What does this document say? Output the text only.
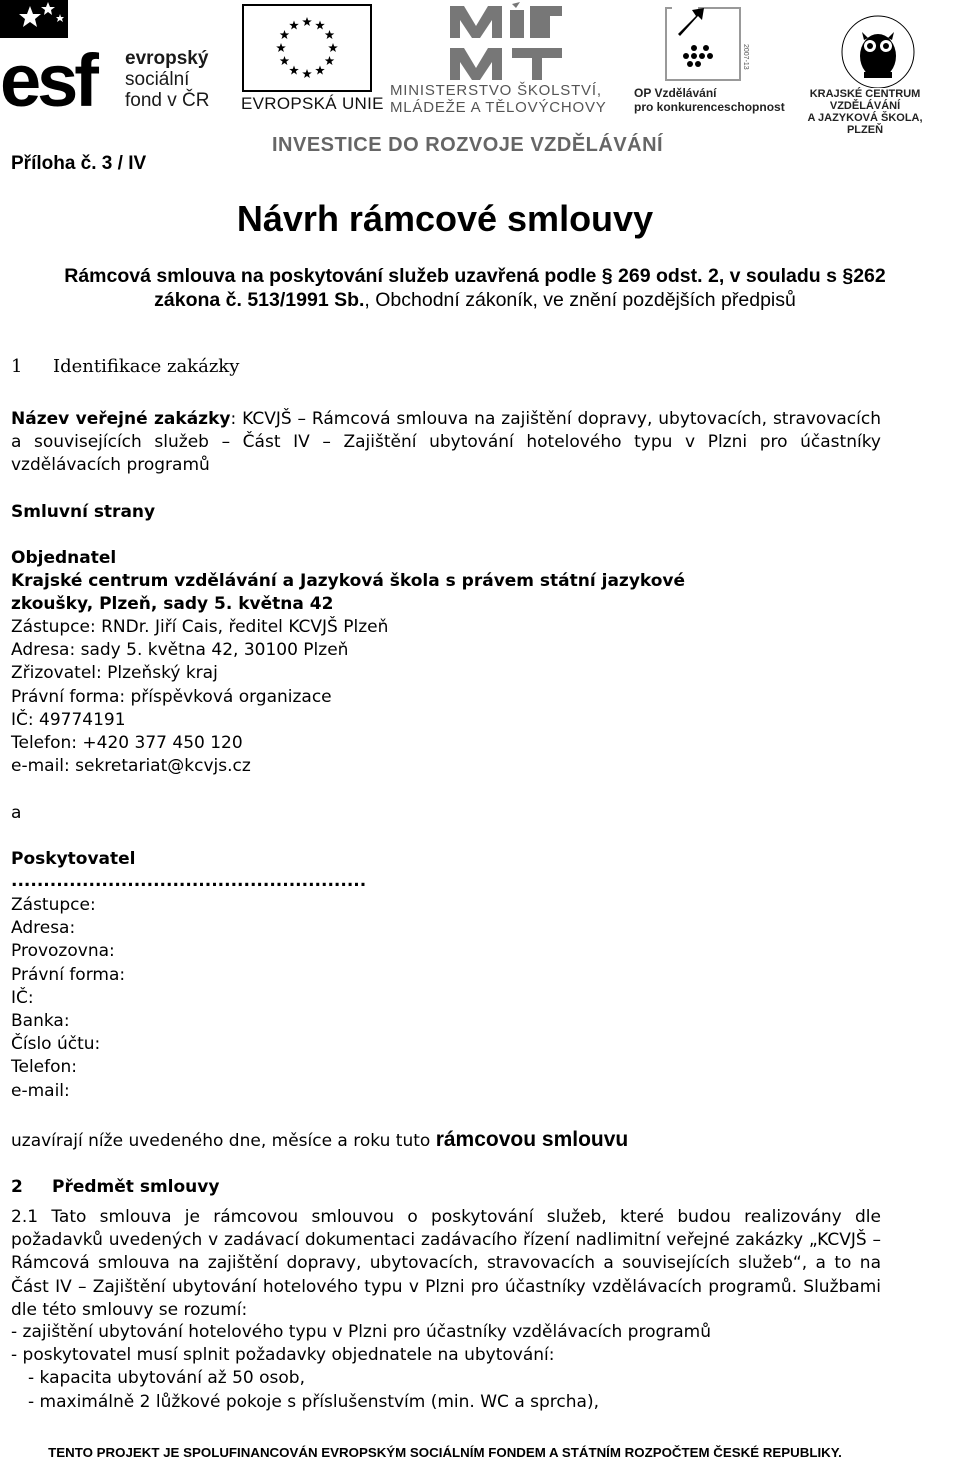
esf evropský
sociální
fond v ČR EVROPSKÁ UNIE
MINISTERSTVO ŠKOLSTVÍ,
MLÁDEŽE A TĚLOVÝCHOVY
2007-13
OP Vzdělávání
pro konkurenceschopnost
KRAJSKÉ CENTRUM VZDĚLÁVÁNÍ
A JAZYKOVÁ ŠKOLA, PLZEŇ
INVESTICE DO ROZVOJE VZDĚLÁVÁNÍ
Příloha č. 3 / IV
Návrh rámcové smlouvy
Rámcová smlouva na poskytování služeb uzavřená podle § 269 odst. 2, v souladu s §262
zákona č. 513/1991 Sb., Obchodní zákoník, ve znění pozdějších předpisů
1 Identifikace zakázky
Název veřejné zakázky: KCVJŠ – Rámcová smlouva na zajištění dopravy, ubytovacích, stravovacích a souvisejících služeb – Část IV – Zajištění ubytování hotelového typu v Plzni pro účastníky vzdělávacích programů
Smluvní strany
Objednatel
Krajské centrum vzdělávání a Jazyková škola s právem státní jazykové
zkoušky, Plzeň, sady 5. května 42
Zástupce: RNDr. Jiří Cais, ředitel KCVJŠ Plzeň
Adresa: sady 5. května 42, 30100 Plzeň
Zřizovatel: Plzeňský kraj
Právní forma: příspěvková organizace
IČ: 49774191
Telefon: +420 377 450 120
e-mail: sekretariat@kcvjs.cz
a
Poskytovatel
.......................................................
Zástupce:
Adresa:
Provozovna:
Právní forma:
IČ:
Banka:
Číslo účtu:
Telefon:
e-mail:
uzavírají níže uvedeného dne, měsíce a roku tuto rámcovou smlouvu
2 Předmět smlouvy
2.1 Tato smlouva je rámcovou smlouvou o poskytování služeb, které budou realizovány dle požadavků uvedených v zadávací dokumentaci zadávacího řízení nadlimitní veřejné zakázky „KCVJŠ – Rámcová smlouva na zajištění dopravy, ubytovacích, stravovacích a souvisejících služeb“, a to na Část IV – Zajištění ubytování hotelového typu v Plzni pro účastníky vzdělávacích programů. Službami dle této smlouvy se rozumí:
- zajištění ubytování hotelového typu v Plzni pro účastníky vzdělávacích programů
- poskytovatel musí splnit požadavky objednatele na ubytování:
- kapacita ubytování až 50 osob,
- maximálně 2 lůžkové pokoje s příslušenstvím (min. WC a sprcha),
TENTO PROJEKT JE SPOLUFINANCOVÁN EVROPSKÝM SOCIÁLNÍM FONDEM A STÁTNÍM ROZPOČTEM ČESKÉ REPUBLIKY.
